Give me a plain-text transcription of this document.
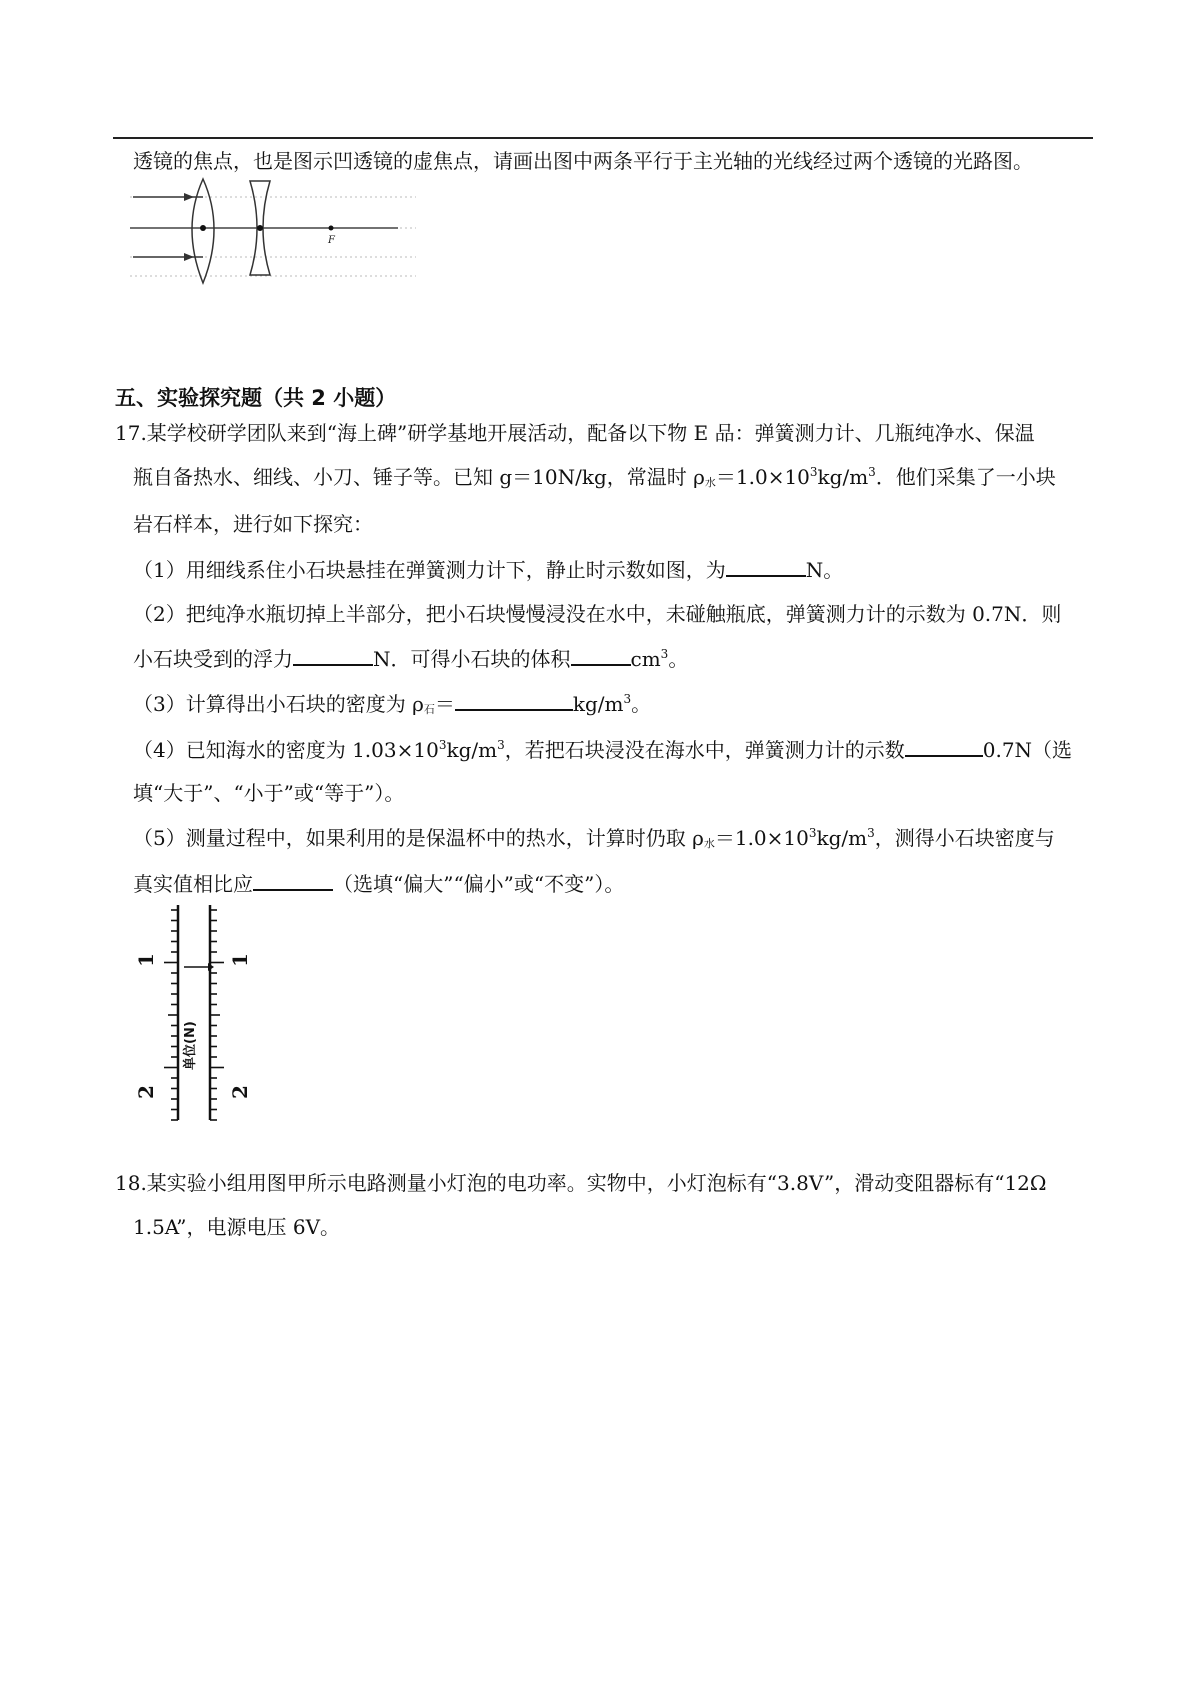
透镜的焦点，也是图示凹透镜的虚焦点，请画出图中两条平行于主光轴的光线经过两个透镜的光路图。
F
五、实验探究题（共 2 小题）
17.某学校研学团队来到“海上碑”研学基地开展活动，配备以下物 E 品：弹簧测力计、几瓶纯净水、保温
瓶自备热水、细线、小刀、锤子等。已知 g＝10N/kg，常温时 $\rho_水=1.0\times 10^3kg/m^3$．他们采集了一小块
岩石样本，进行如下探究：
（1）用细线系住小石块悬挂在弹簧测力计下，静止时示数如图，为	N。
（2）把纯净水瓶切掉上半部分，把小石块慢慢浸没在水中，未碰触瓶底，弹簧测力计的示数为 0.7N．则
小石块受到的浮力	N．可得小石块的体积	$cm^3$。
（3）计算得出小石块的密度为 $\rho_石=$	$kg/m^3$。
（4）已知海水的密度为 $1.03\times 10^3kg/m^3$，若把石块浸没在海水中，弹簧测力计的示数	0.7N（选
填“大于”、“小于”或“等于”）。
（5）测量过程中，如果利用的是保温杯中的热水，计算时仍取 $\rho_水=1.0\times 10^3kg/m^3$，测得小石块密度与
真实值相比应	（选填“偏大”“偏小”或“不变”）。
1	1
2	2
单位(N)
18.某实验小组用图甲所示电路测量小灯泡的电功率。实物中，小灯泡标有“3.8V”，滑动变阻器标有“12Ω
1.5A”，电源电压 6V。
